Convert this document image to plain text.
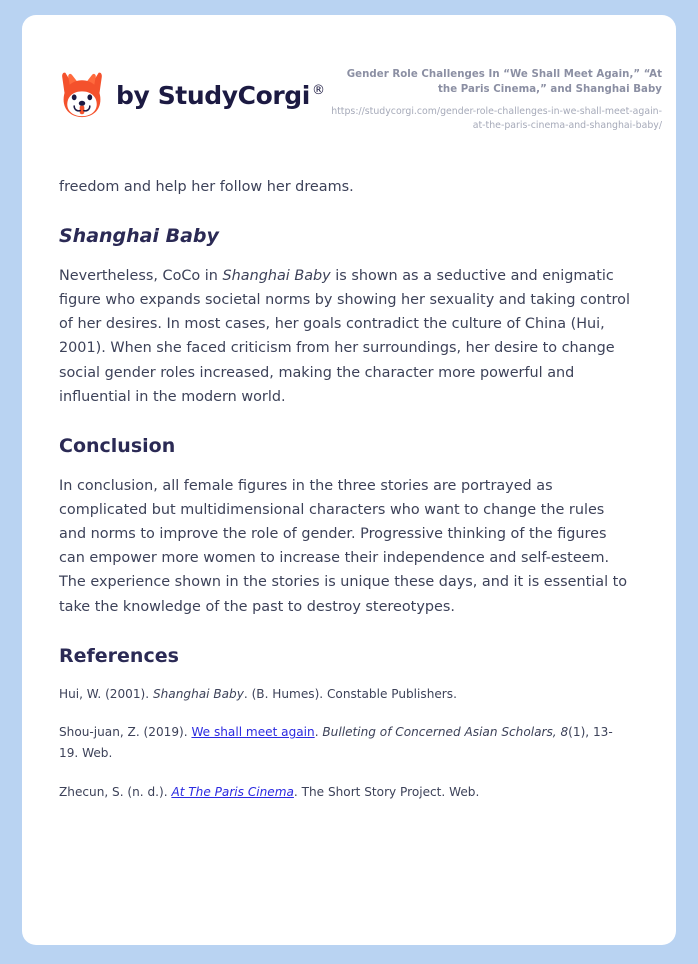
by StudyCorgi ®

Gender Role Challenges In “We Shall Meet Again,” “At the Paris Cinema,” and Shanghai Baby

https://studycorgi.com/gender-role-challenges-in-we-shall-meet-again-at-the-paris-cinema-and-shanghai-baby/

freedom and help her follow her dreams.

Shanghai Baby

Nevertheless, CoCo in Shanghai Baby is shown as a seductive and enigmatic figure who expands societal norms by showing her sexuality and taking control of her desires. In most cases, her goals contradict the culture of China (Hui, 2001). When she faced criticism from her surroundings, her desire to change social gender roles increased, making the character more powerful and influential in the modern world.

Conclusion

In conclusion, all female figures in the three stories are portrayed as complicated but multidimensional characters who want to change the rules and norms to improve the role of gender. Progressive thinking of the figures can empower more women to increase their independence and self-esteem. The experience shown in the stories is unique these days, and it is essential to take the knowledge of the past to destroy stereotypes.

References

Hui, W. (2001). Shanghai Baby. (B. Humes). Constable Publishers.

Shou-juan, Z. (2019). We shall meet again. Bulleting of Concerned Asian Scholars, 8(1), 13-19. Web.

Zhecun, S. (n. d.). At The Paris Cinema. The Short Story Project. Web.
